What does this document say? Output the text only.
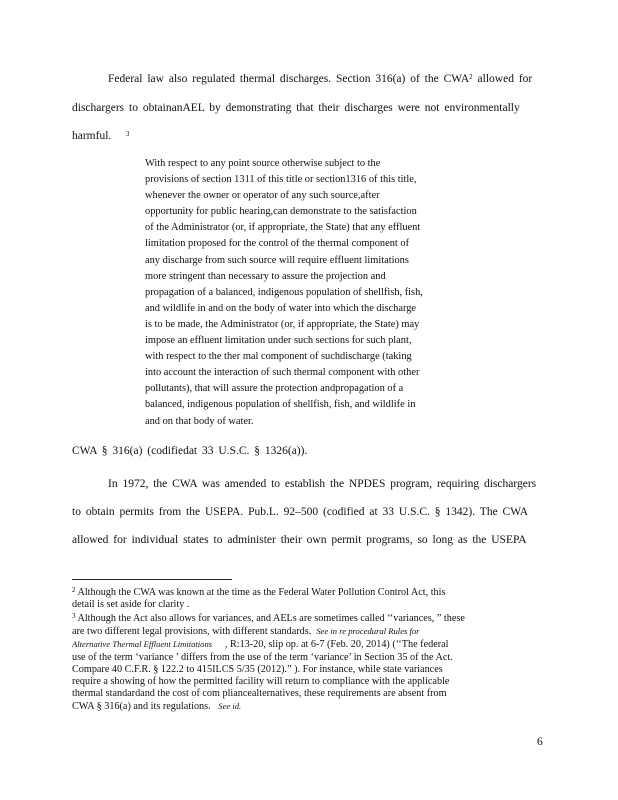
Federal law also regulated thermal discharges. Section 316(a) of the CWA$^2$ allowed for
dischargers to obtainanAEL by demonstrating that their discharges were not environmentally
harmful. $^3$
With respect to any point source otherwise subject to the
provisions of section 1311 of this title or section1316 of this title,
whenever the owner or operator of any such source,after
opportunity for public hearing,can demonstrate to the satisfaction
of the Administrator (or, if appropriate, the State) that any effluent
limitation proposed for the control of the thermal component of
any discharge from such source will require effluent limitations
more stringent than necessary to assure the projection and
propagation of a balanced, indigenous population of shellfish, fish,
and wildlife in and on the body of water into which the discharge
is to be made, the Administrator (or, if appropriate, the State) may
impose an effluent limitation under such sections for such plant,
with respect to the ther mal component of suchdischarge (taking
into account the interaction of such thermal component with other
pollutants), that will assure the protection andpropagation of a
balanced, indigenous population of shellfish, fish, and wildlife in
and on that body of water.
CWA § 316(a) (codifiedat 33 U.S.C. § 1326(a)).
In 1972, the CWA was amended to establish the NPDES program, requiring dischargers
to obtain permits from the USEPA. Pub.L. 92–500 (codified at 33 U.S.C. § 1342). The CWA
allowed for individual states to administer their own permit programs, so long as the USEPA
$^2$ Although the CWA was known at the time as the Federal Water Pollution Control Act, this
detail is set aside for clarity .
$^3$ Although the Act also allows for variances, and AELs are sometimes called ‘‘variances, ” these
are two different legal provisions, with different standards. See in re procedural Rules for
Alternative Thermal Effluent Limitations , R:13-20, slip op. at 6-7 (Feb. 20, 2014) (‘‘The federal
use of the term ‘variance ’ differs from the use of the term ‘variance’ in Section 35 of the Act.
Compare 40 C.F.R. § 122.2 to 415ILCS 5/35 (2012).” ). For instance, while state variances
require a showing of how the permitted facility will return to compliance with the applicable
thermal standardand the cost of com pliancealternatives, these requirements are absent from
CWA § 316(a) and its regulations. See id.
6
